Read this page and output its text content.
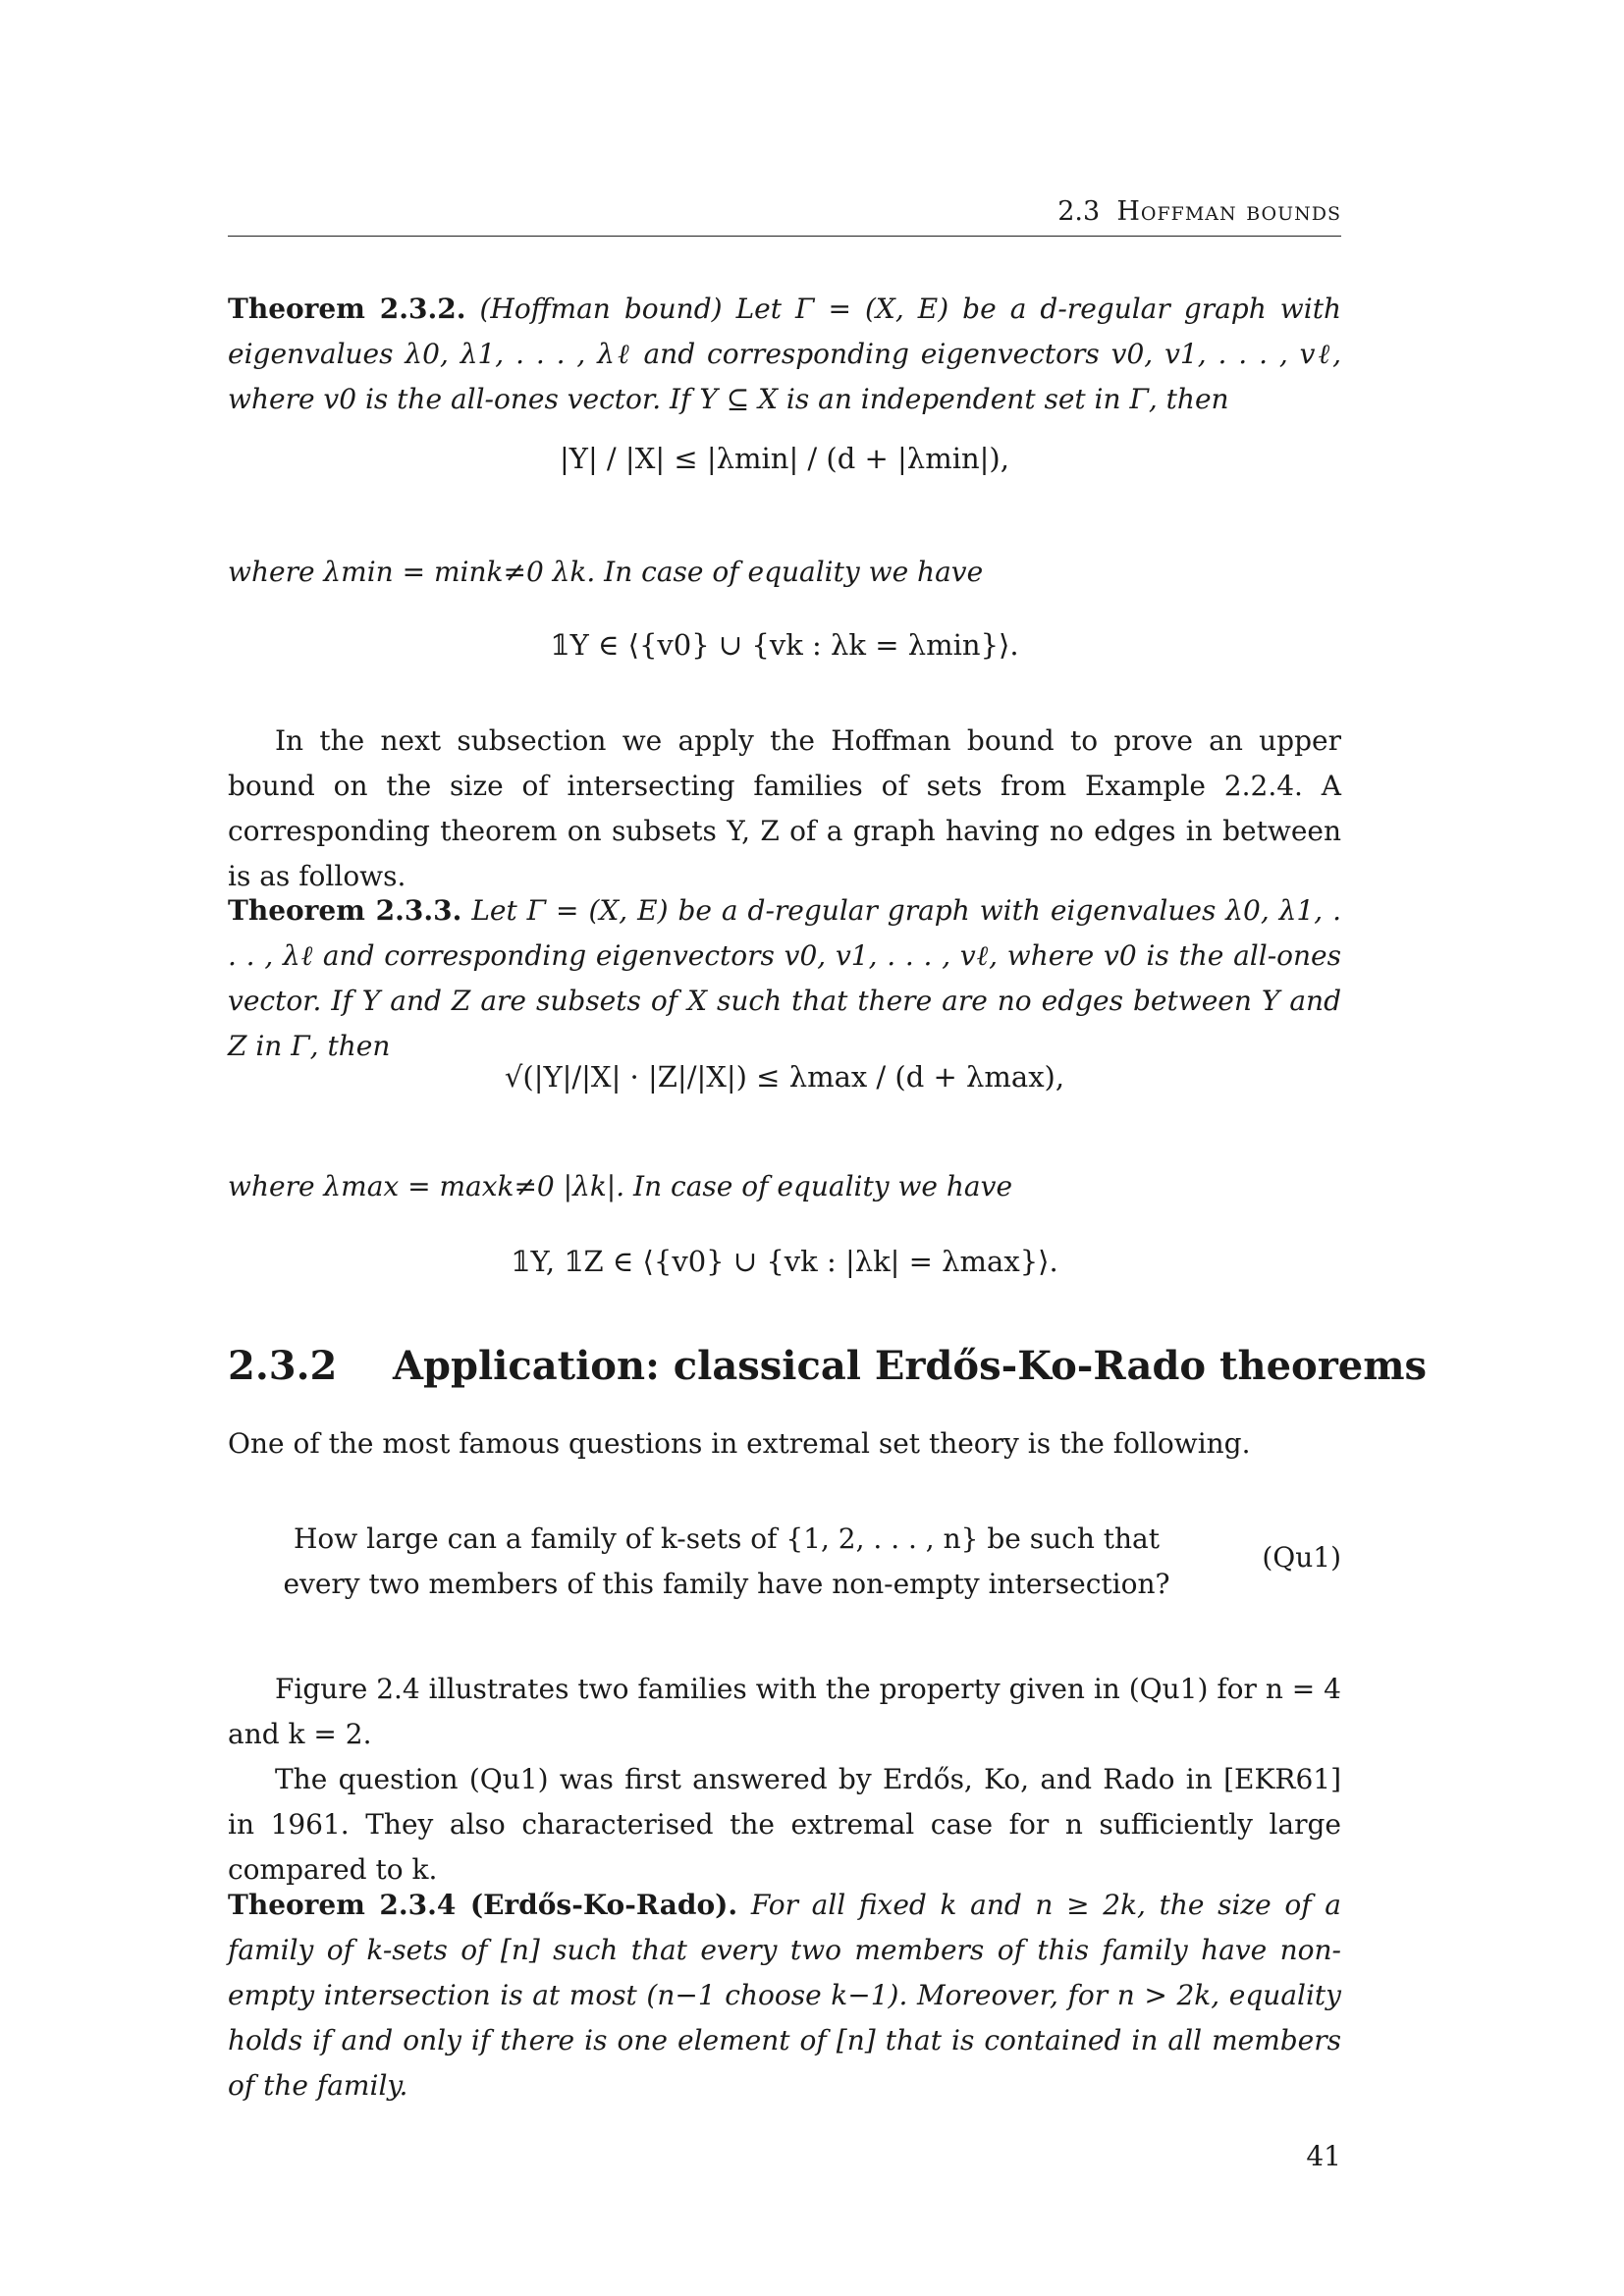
2.3 Hoffman bounds
Theorem 2.3.2. (Hoffman bound) Let Γ = (X, E) be a d-regular graph with eigenvalues λ0, λ1, . . . , λℓ and corresponding eigenvectors v0, v1, . . . , vℓ, where v0 is the all-ones vector. If Y ⊆ X is an independent set in Γ, then
|Y| / |X| ≤ |λmin| / (d + |λmin|),
where λmin = mink≠0 λk. In case of equality we have
𝟙Y ∈ ⟨{v0} ∪ {vk : λk = λmin}⟩.
In the next subsection we apply the Hoffman bound to prove an upper bound on the size of intersecting families of sets from Example 2.2.4. A corresponding theorem on subsets Y, Z of a graph having no edges in between is as follows.
Theorem 2.3.3. Let Γ = (X, E) be a d-regular graph with eigenvalues λ0, λ1, . . . , λℓ and corresponding eigenvectors v0, v1, . . . , vℓ, where v0 is the all-ones vector. If Y and Z are subsets of X such that there are no edges between Y and Z in Γ, then
√(|Y|/|X| · |Z|/|X|) ≤ λmax / (d + λmax),
where λmax = maxk≠0 |λk|. In case of equality we have
𝟙Y, 𝟙Z ∈ ⟨{v0} ∪ {vk : |λk| = λmax}⟩.
2.3.2 Application: classical Erdős-Ko-Rado theorems
One of the most famous questions in extremal set theory is the following.
How large can a family of k-sets of {1, 2, . . . , n} be such that every two members of this family have non-empty intersection?
(Qu1)
Figure 2.4 illustrates two families with the property given in (Qu1) for n = 4 and k = 2.
The question (Qu1) was first answered by Erdős, Ko, and Rado in [EKR61] in 1961. They also characterised the extremal case for n sufficiently large compared to k.
Theorem 2.3.4 (Erdős-Ko-Rado). For all fixed k and n ≥ 2k, the size of a family of k-sets of [n] such that every two members of this family have non-empty intersection is at most (n−1 choose k−1). Moreover, for n > 2k, equality holds if and only if there is one element of [n] that is contained in all members of the family.
41
